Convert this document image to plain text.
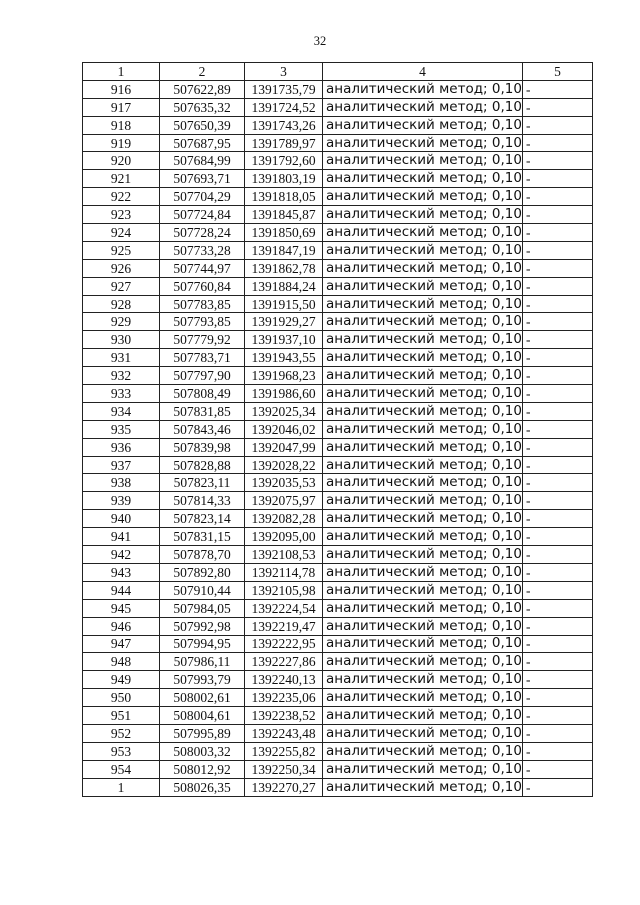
32
1	2	3	4	5
916	507622,89	1391735,79	аналитический метод; 0,10	-
917	507635,32	1391724,52	аналитический метод; 0,10	-
918	507650,39	1391743,26	аналитический метод; 0,10	-
919	507687,95	1391789,97	аналитический метод; 0,10	-
920	507684,99	1391792,60	аналитический метод; 0,10	-
921	507693,71	1391803,19	аналитический метод; 0,10	-
922	507704,29	1391818,05	аналитический метод; 0,10	-
923	507724,84	1391845,87	аналитический метод; 0,10	-
924	507728,24	1391850,69	аналитический метод; 0,10	-
925	507733,28	1391847,19	аналитический метод; 0,10	-
926	507744,97	1391862,78	аналитический метод; 0,10	-
927	507760,84	1391884,24	аналитический метод; 0,10	-
928	507783,85	1391915,50	аналитический метод; 0,10	-
929	507793,85	1391929,27	аналитический метод; 0,10	-
930	507779,92	1391937,10	аналитический метод; 0,10	-
931	507783,71	1391943,55	аналитический метод; 0,10	-
932	507797,90	1391968,23	аналитический метод; 0,10	-
933	507808,49	1391986,60	аналитический метод; 0,10	-
934	507831,85	1392025,34	аналитический метод; 0,10	-
935	507843,46	1392046,02	аналитический метод; 0,10	-
936	507839,98	1392047,99	аналитический метод; 0,10	-
937	507828,88	1392028,22	аналитический метод; 0,10	-
938	507823,11	1392035,53	аналитический метод; 0,10	-
939	507814,33	1392075,97	аналитический метод; 0,10	-
940	507823,14	1392082,28	аналитический метод; 0,10	-
941	507831,15	1392095,00	аналитический метод; 0,10	-
942	507878,70	1392108,53	аналитический метод; 0,10	-
943	507892,80	1392114,78	аналитический метод; 0,10	-
944	507910,44	1392105,98	аналитический метод; 0,10	-
945	507984,05	1392224,54	аналитический метод; 0,10	-
946	507992,98	1392219,47	аналитический метод; 0,10	-
947	507994,95	1392222,95	аналитический метод; 0,10	-
948	507986,11	1392227,86	аналитический метод; 0,10	-
949	507993,79	1392240,13	аналитический метод; 0,10	-
950	508002,61	1392235,06	аналитический метод; 0,10	-
951	508004,61	1392238,52	аналитический метод; 0,10	-
952	507995,89	1392243,48	аналитический метод; 0,10	-
953	508003,32	1392255,82	аналитический метод; 0,10	-
954	508012,92	1392250,34	аналитический метод; 0,10	-
1	508026,35	1392270,27	аналитический метод; 0,10	-
